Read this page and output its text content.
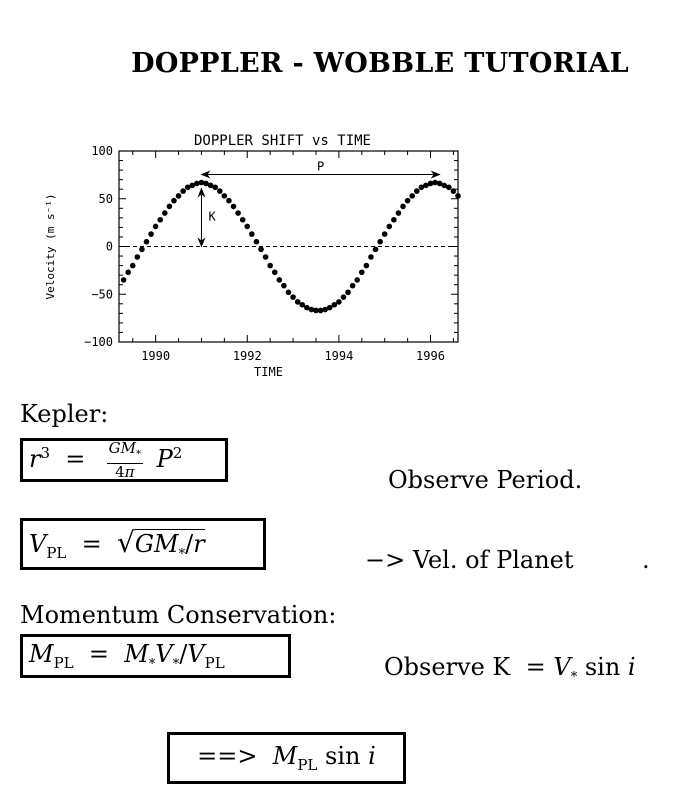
DOPPLER - WOBBLE TUTORIAL
100
50
0
−50
−100
1990	1992	1994	1996
DOPPLER SHIFT vs TIME
TIME
Velocity (m s⁻¹)
P
K
Kepler:
$r^3 = \frac{GM_*}{4\pi} P^2$
$V_{PL} = √GM_*/r$
Momentum Conservation:
$M_{PL} = M_*V_*/V_{PL}$
==> $M_{PL}$ sin i
Observe Period.
−> Vel. of Planet	.
Observe $K = V_*$ sin i
